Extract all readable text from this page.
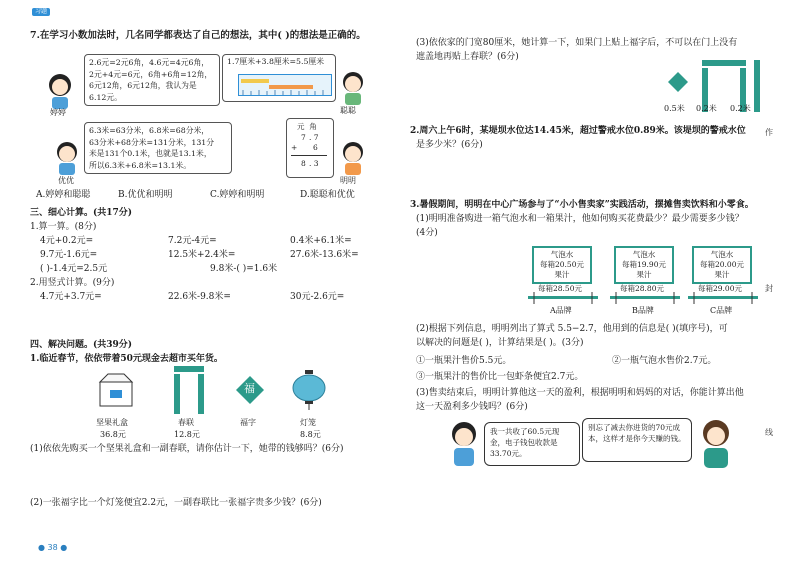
习题
7.在学习小数加法时，几名同学都表达了自己的想法，其中( )的想法是正确的。
婷婷
2.6元=2元6角，4.6元=4元6角，
2元+4元=6元，6角+6角=12角，
6元12角，6元12角，我认为是
6.12元。
1.7厘米+3.8厘米=5.5厘米
聪聪
6.3米=63分米，6.8米=68分米，
63分米+68分米=131分米，131分
米是131个0.1米，也就是13.1米，
所以6.3米+6.8米=13.1米。
优优
元 角
7 . 7
+ 6
8 . 3
明明
A.婷婷和聪聪	B.优优和明明	C.婷婷和明明	D.聪聪和优优
三、细心计算。(共17分)
1.算一算。(8分)
4元+0.2元=	7.2元-4元=	0.4米+6.1米=
9.7元-1.6元=	12.5米+2.4米=	27.6米-13.6米=
( )-1.4元=2.5元	9.8米-( )=1.6米
2.用竖式计算。(9分)
4.7元+3.7元=	22.6米-9.8米=	30元-2.6元=
四、解决问题。(共39分)
1.临近春节，依依带着50元现金去超市买年货。
坚果礼盒
36.8元
春联
12.8元
福
福字	灯笼
8.8元
(1)依依先购买一个坚果礼盒和一副春联，请你估计一下，她带的钱够吗？(6分)
(2)一张福字比一个灯笼便宜2.2元，一副春联比一张福字贵多少钱？(6分)
● 38 ●
(3)依依家的门宽80厘米，她计算一下，如果门上贴上福字后，不可以在门上没有
遮盖地再贴上春联？(6分)
0.5米 0.2米 0.2米
2.周六上午6时，某堤坝水位达14.45米，超过警戒水位0.89米。该堤坝的警戒水位
是多少米？(6分)
3.暑假期间，明明在中心广场参与了“小小售卖家”实践活动，摆摊售卖饮料和小零食。
(1)明明准备购进一箱气泡水和一箱果汁，他如何购买花费最少？最少需要多少钱？
(4分)
气泡水
每箱20.50元
果汁
每箱28.50元
A品牌
气泡水
每箱19.90元
果汁
每箱28.80元
B品牌
气泡水
每箱20.00元
果汁
每箱29.00元
C品牌
(2)根据下列信息，明明列出了算式 5.5−2.7，他用到的信息是( )(填序号)，可
以解决的问题是( )，计算结果是( )。(3分)
①一瓶果汁售价5.5元。	②一瓶气泡水售价2.7元。
③一瓶果汁的售价比一包虾条便宜2.7元。
(3)售卖结束后，明明计算他这一天的盈利，根据明明和妈妈的对话，你能计算出他
这一天盈利多少钱吗？(6分)
我一共收了60.5元现金，电子钱包收款是33.70元。
别忘了减去你进货的70元成本，这样才是你今天赚的钱。
作
封
线
